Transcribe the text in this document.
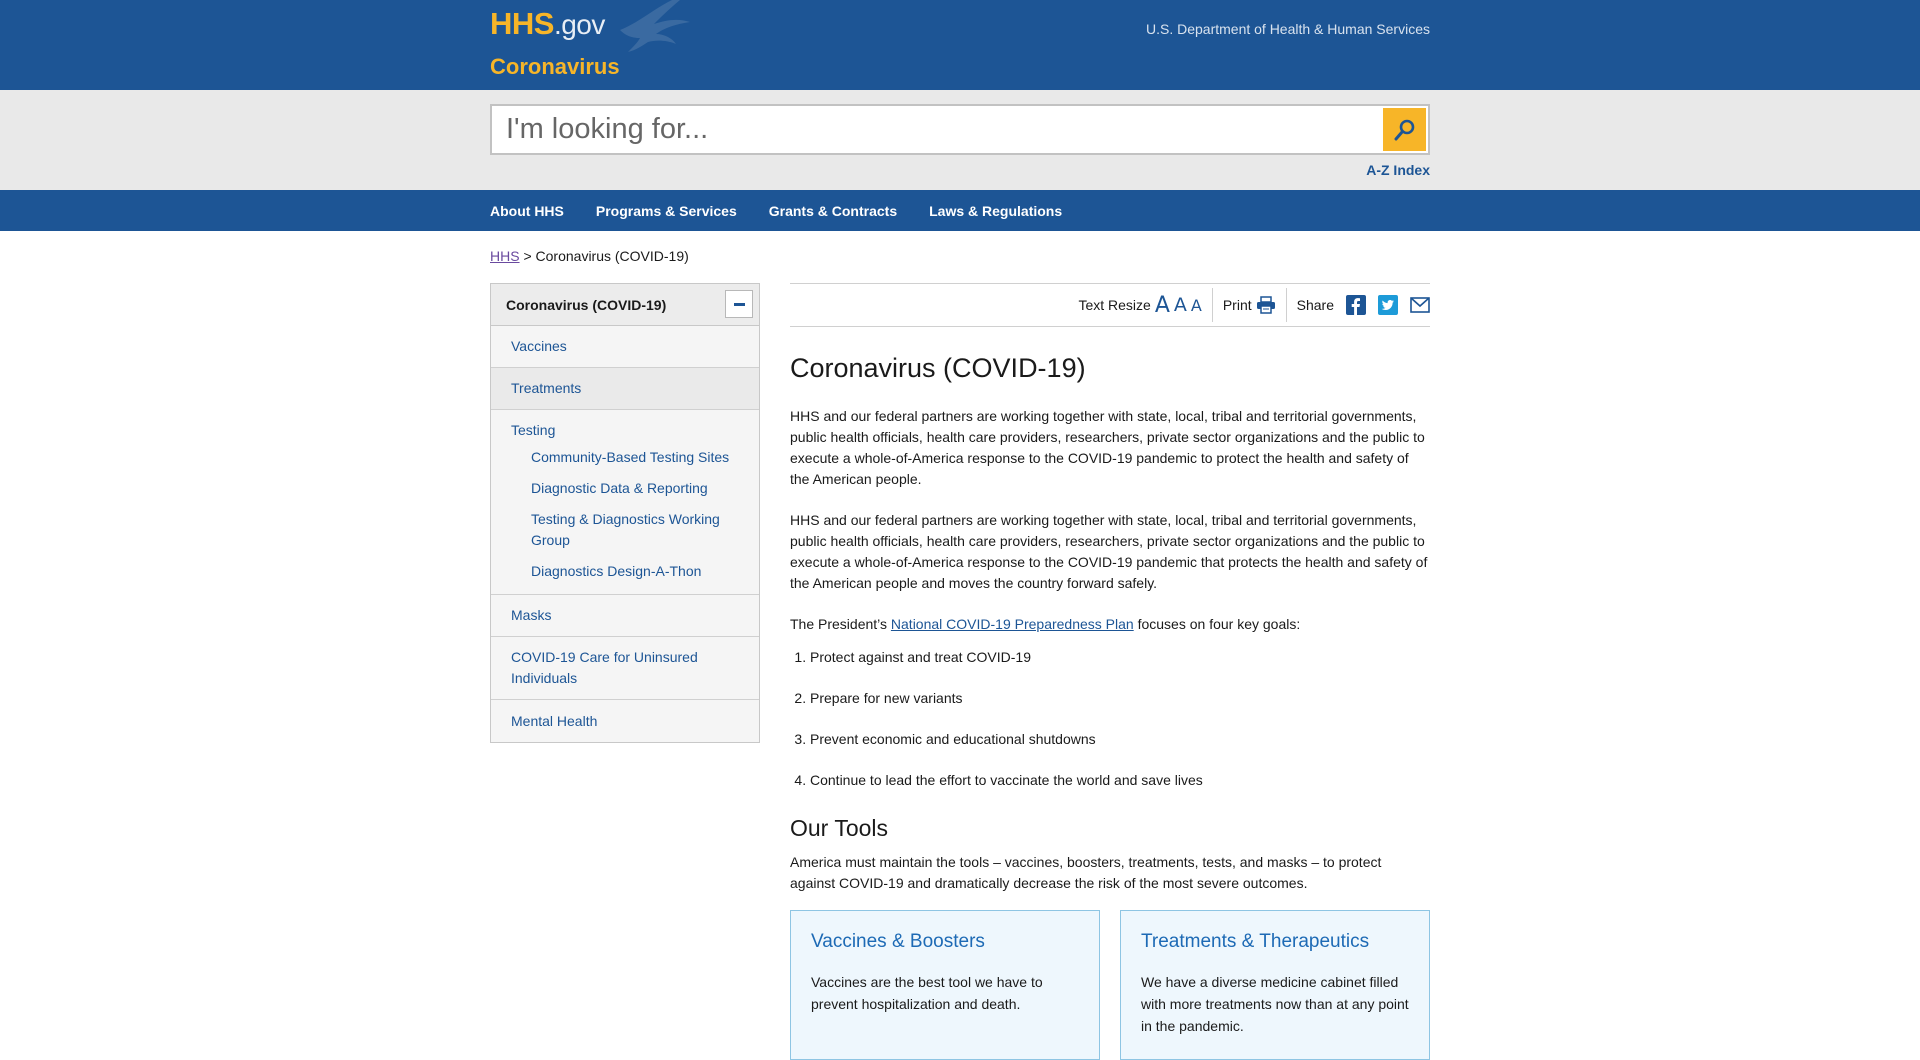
HHS.gov
Coronavirus
U.S. Department of Health & Human Services
I'm looking for...
A-Z Index
About HHS Programs & Services Grants & Contracts Laws & Regulations
HHS > Coronavirus (COVID-19)
Coronavirus (COVID-19)
Vaccines
Treatments
Testing
Community-Based Testing Sites
Diagnostic Data & Reporting
Testing & Diagnostics Working Group
Diagnostics Design-A-Thon
Masks
COVID-19 Care for Uninsured Individuals
Mental Health
Text Resize A A A Print	Share
Coronavirus (COVID-19)

HHS and our federal partners are working together with state, local, tribal and territorial governments, public health officials, health care providers, researchers, private sector organizations and the public to execute a whole-of-America response to the COVID-19 pandemic to protect the health and safety of the American people.

HHS and our federal partners are working together with state, local, tribal and territorial governments, public health officials, health care providers, researchers, private sector organizations and the public to execute a whole-of-America response to the COVID-19 pandemic that protects the health and safety of the American people and moves the country forward safely.

The President’s National COVID-19 Preparedness Plan focuses on four key goals:

1. Protect against and treat COVID-19
2. Prepare for new variants
3. Prevent economic and educational shutdowns
4. Continue to lead the effort to vaccinate the world and save lives
Our Tools

America must maintain the tools – vaccines, boosters, treatments, tests, and masks – to protect against COVID-19 and dramatically decrease the risk of the most severe outcomes.

Vaccines & Boosters

Vaccines are the best tool we have to prevent hospitalization and death.

Treatments & Therapeutics

We have a diverse medicine cabinet filled with more treatments now than at any point in the pandemic.
